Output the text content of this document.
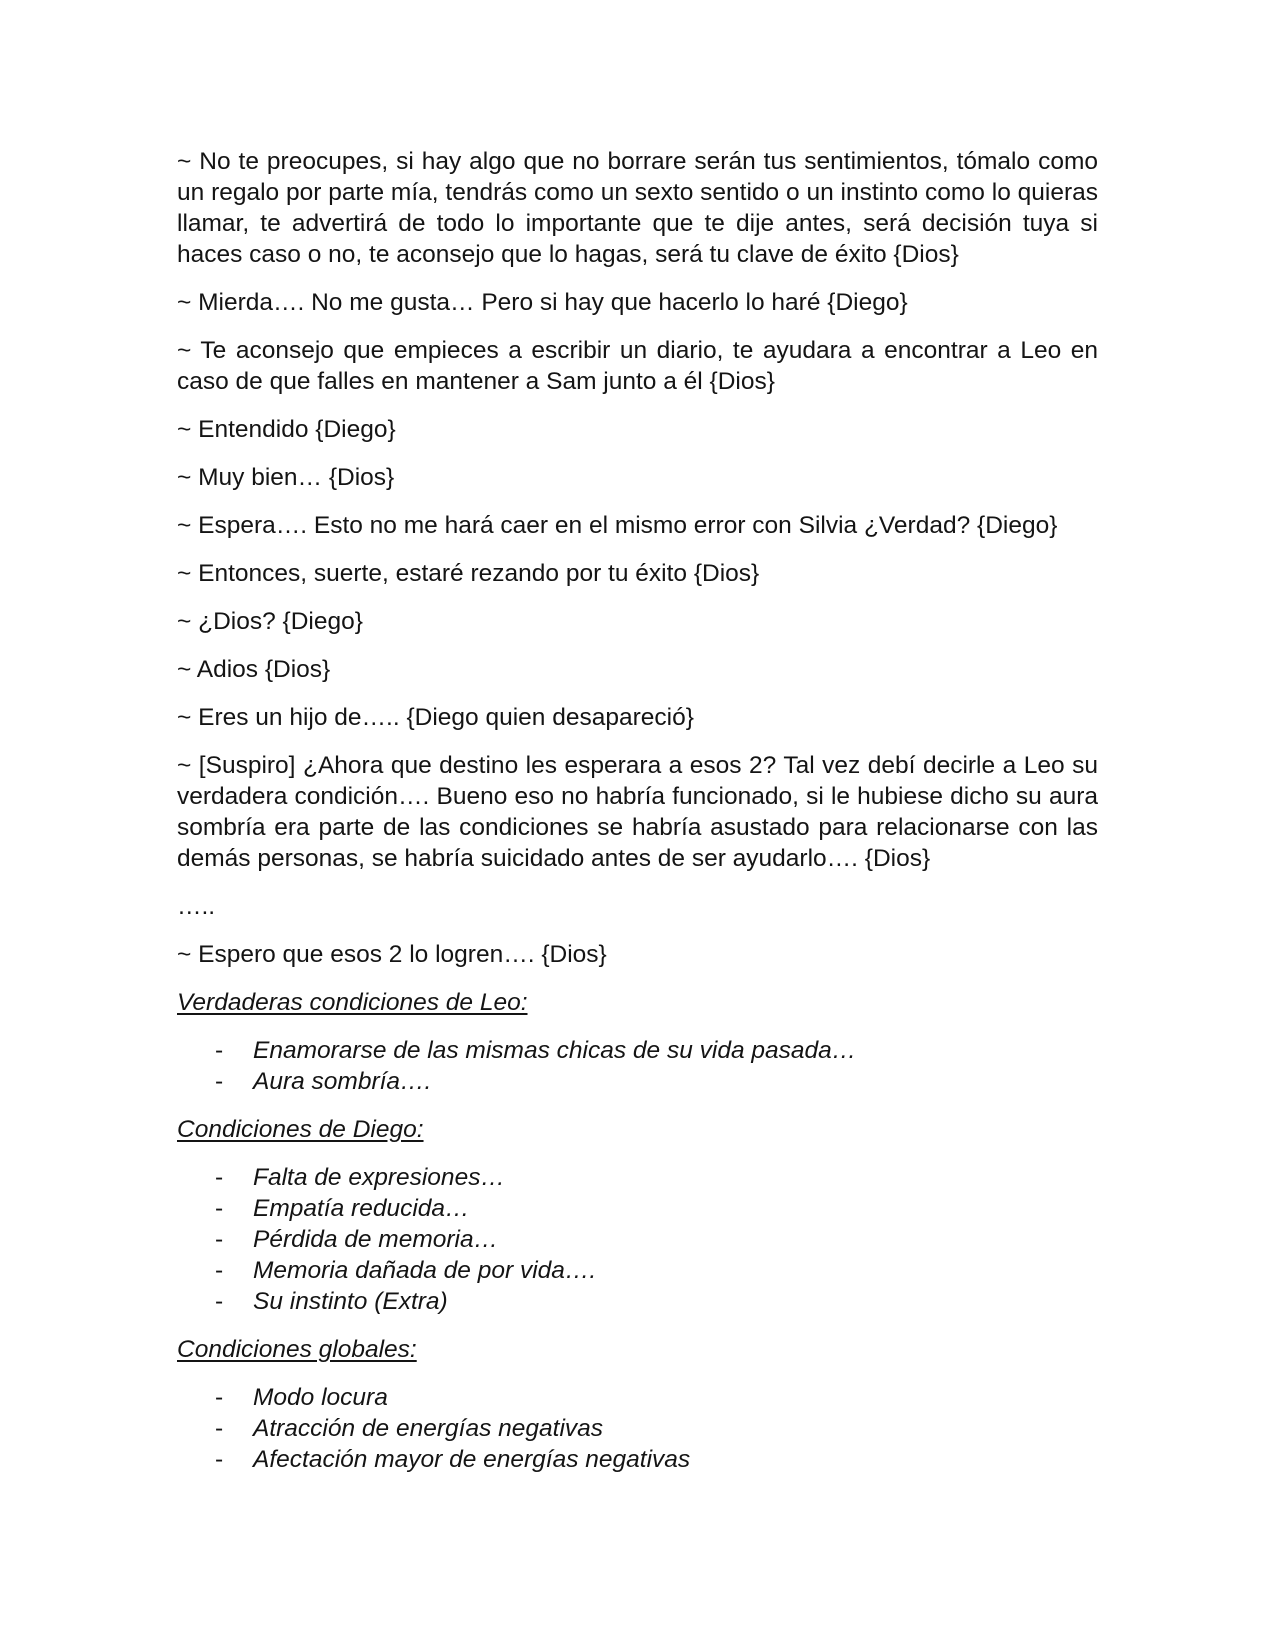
~ No te preocupes, si hay algo que no borrare serán tus sentimientos, tómalo como un regalo por parte mía, tendrás como un sexto sentido o un instinto como lo quieras llamar, te advertirá de todo lo importante que te dije antes, será decisión tuya si haces caso o no, te aconsejo que lo hagas, será tu clave de éxito {Dios}

~ Mierda…. No me gusta… Pero si hay que hacerlo lo haré {Diego}

~ Te aconsejo que empieces a escribir un diario, te ayudara a encontrar a Leo en caso de que falles en mantener a Sam junto a él {Dios}

~ Entendido {Diego}

~ Muy bien… {Dios}

~ Espera…. Esto no me hará caer en el mismo error con Silvia ¿Verdad? {Diego}

~ Entonces, suerte, estaré rezando por tu éxito {Dios}

~ ¿Dios? {Diego}

~ Adios {Dios}

~ Eres un hijo de….. {Diego quien desapareció}

~ [Suspiro] ¿Ahora que destino les esperara a esos 2? Tal vez debí decirle a Leo su verdadera condición…. Bueno eso no habría funcionado, si le hubiese dicho su aura sombría era parte de las condiciones se habría asustado para relacionarse con las demás personas, se habría suicidado antes de ser ayudarlo…. {Dios}

…..

~ Espero que esos 2 lo logren…. {Dios}

Verdaderas condiciones de Leo:

- Enamorarse de las mismas chicas de su vida pasada…
- Aura sombría….

Condiciones de Diego:

- Falta de expresiones…
- Empatía reducida…
- Pérdida de memoria…
- Memoria dañada de por vida….
- Su instinto (Extra)

Condiciones globales:

- Modo locura
- Atracción de energías negativas
- Afectación mayor de energías negativas
